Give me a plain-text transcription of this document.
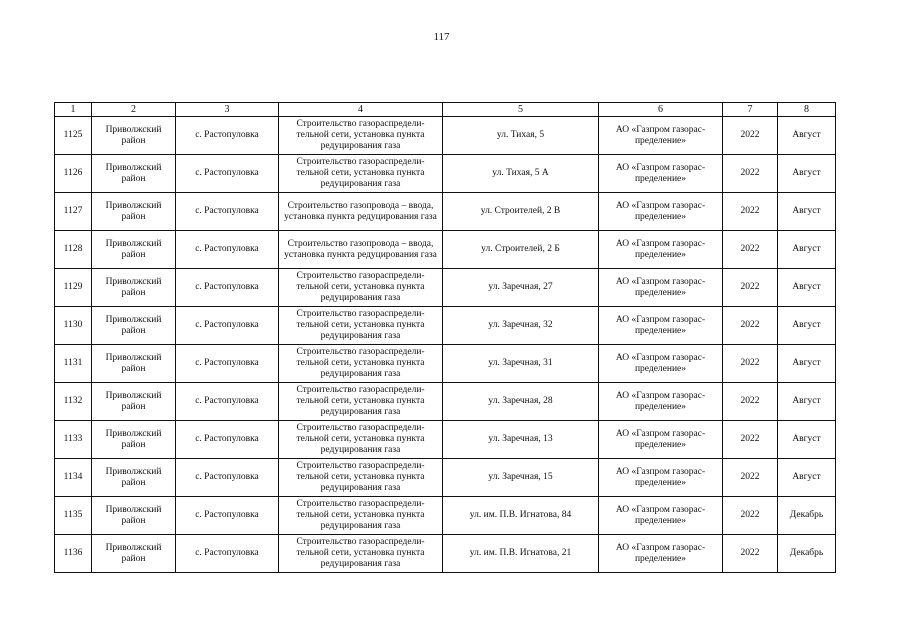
117
1	2	3	4	5	6	7	8
1125	Приволжский район	с. Растопуловка	Строительство газораспредели-тельной сети, установка пункта редуцирования газа	ул. Тихая, 5	АО «Газпром газорас-пределение»	2022	Август
1126	Приволжский район	с. Растопуловка	Строительство газораспредели-тельной сети, установка пункта редуцирования газа	ул. Тихая, 5 А	АО «Газпром газорас-пределение»	2022	Август
1127	Приволжский район	с. Растопуловка	Строительство газопровода – ввода, установка пункта редуцирования газа	ул. Строителей, 2 В	АО «Газпром газорас-пределение»	2022	Август
1128	Приволжский район	с. Растопуловка	Строительство газопровода – ввода, установка пункта редуцирования газа	ул. Строителей, 2 Б	АО «Газпром газорас-пределение»	2022	Август
1129	Приволжский район	с. Растопуловка	Строительство газораспредели-тельной сети, установка пункта редуцирования газа	ул. Заречная, 27	АО «Газпром газорас-пределение»	2022	Август
1130	Приволжский район	с. Растопуловка	Строительство газораспредели-тельной сети, установка пункта редуцирования газа	ул. Заречная, 32	АО «Газпром газорас-пределение»	2022	Август
1131	Приволжский район	с. Растопуловка	Строительство газораспредели-тельной сети, установка пункта редуцирования газа	ул. Заречная, 31	АО «Газпром газорас-пределение»	2022	Август
1132	Приволжский район	с. Растопуловка	Строительство газораспредели-тельной сети, установка пункта редуцирования газа	ул. Заречная, 28	АО «Газпром газорас-пределение»	2022	Август
1133	Приволжский район	с. Растопуловка	Строительство газораспредели-тельной сети, установка пункта редуцирования газа	ул. Заречная, 13	АО «Газпром газорас-пределение»	2022	Август
1134	Приволжский район	с. Растопуловка	Строительство газораспредели-тельной сети, установка пункта редуцирования газа	ул. Заречная, 15	АО «Газпром газорас-пределение»	2022	Август
1135	Приволжский район	с. Растопуловка	Строительство газораспредели-тельной сети, установка пункта редуцирования газа	ул. им. П.В. Игнатова, 84	АО «Газпром газорас-пределение»	2022	Декабрь
1136	Приволжский район	с. Растопуловка	Строительство газораспредели-тельной сети, установка пункта редуцирования газа	ул. им. П.В. Игнатова, 21	АО «Газпром газорас-пределение»	2022	Декабрь
